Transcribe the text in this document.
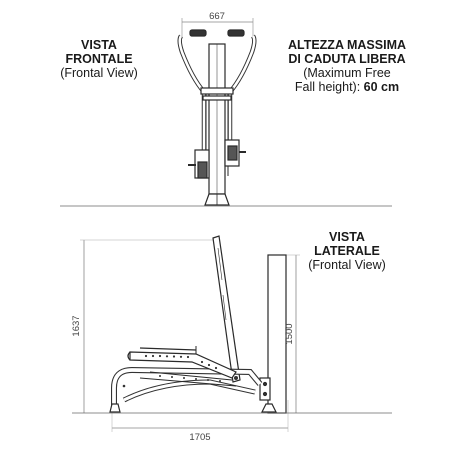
VISTA FRONTALE
(Frontal View)
ALTEZZA MASSIMA
DI CADUTA LIBERA
(Maximum Free
Fall height): 60 cm
VISTA LATERALE
(Frontal View)
667
1637	1500
1705
